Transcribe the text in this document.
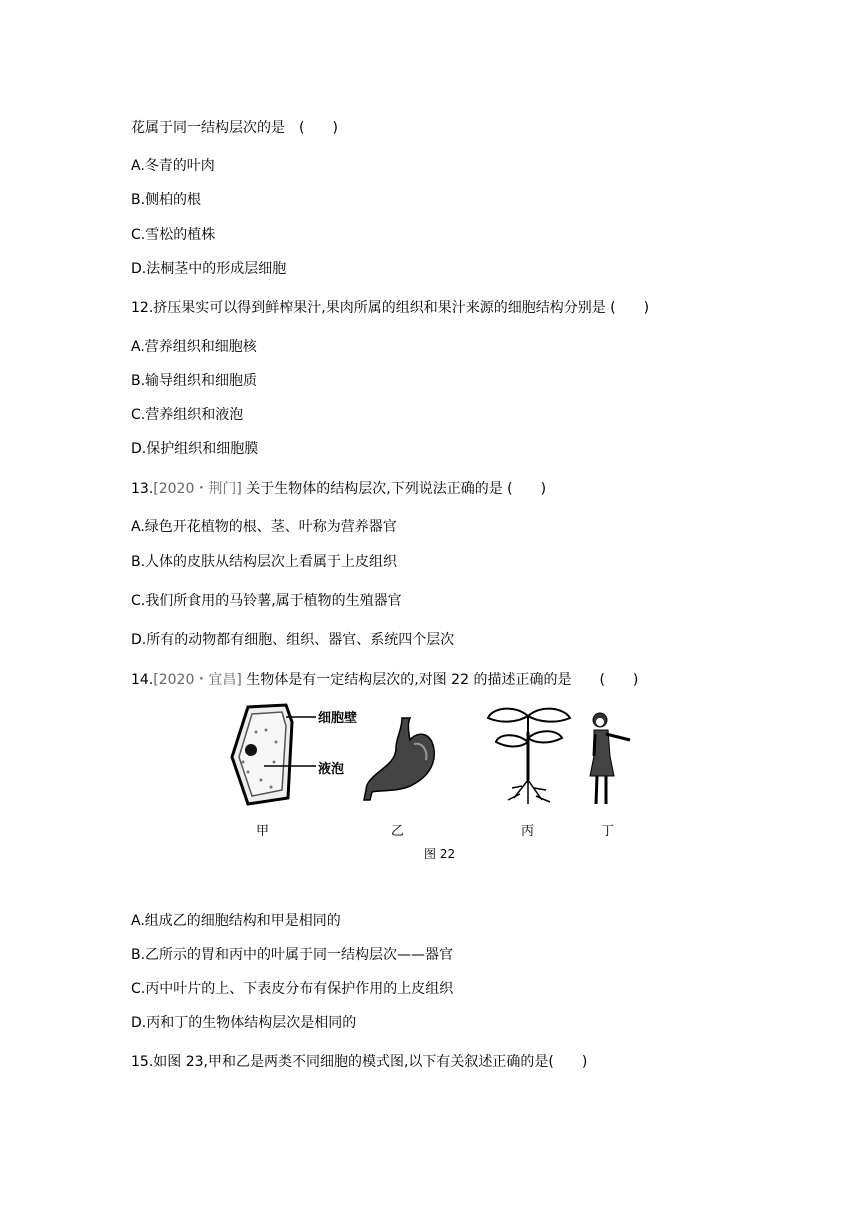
花属于同一结构层次的是　(　　)
A.冬青的叶肉
B.侧柏的根
C.雪松的植株
D.法桐茎中的形成层细胞
12.挤压果实可以得到鲜榨果汁,果肉所属的组织和果汁来源的细胞结构分别是 (　　)
A.营养组织和细胞核
B.输导组织和细胞质
C.营养组织和液泡
D.保护组织和细胞膜
13.[2020・荆门] 关于生物体的结构层次,下列说法正确的是 (　　)
A.绿色开花植物的根、茎、叶称为营养器官
B.人体的皮肤从结构层次上看属于上皮组织
C.我们所食用的马铃薯,属于植物的生殖器官
D.所有的动物都有细胞、组织、器官、系统四个层次
14.[2020・宜昌] 生物体是有一定结构层次的,对图 22 的描述正确的是　　(　　)
细胞壁
液泡
甲	乙	丙	丁
图 22
A.组成乙的细胞结构和甲是相同的
B.乙所示的胃和丙中的叶属于同一结构层次——器官
C.丙中叶片的上、下表皮分布有保护作用的上皮组织
D.丙和丁的生物体结构层次是相同的
15.如图 23,甲和乙是两类不同细胞的模式图,以下有关叙述正确的是(　　)
